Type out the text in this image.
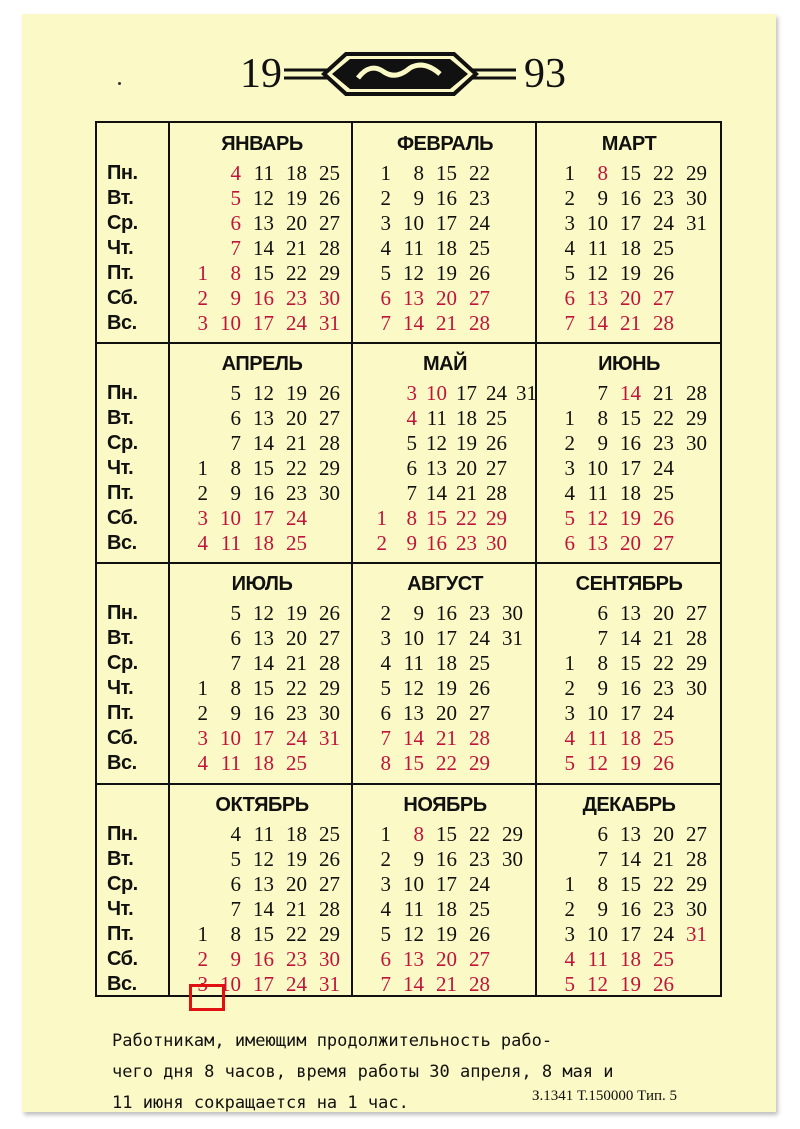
19	93
Пн.
Вт.
Ср.
Чт.
Пт.
Сб.
Вс.
Пн.
Вт.
Ср.
Чт.
Пт.
Сб.
Вс.
Пн.
Вт.
Ср.
Чт.
Пт.
Сб.
Вс.
Пн.
Вт.
Ср.
Чт.
Пт.
Сб.
Вс.
ЯНВАРЬ
1
2
3
4
5
6
7
8
9
10
11
12
13
14
15
16
17
18
19
20
21
22
23
24
25
26
27
28
29
30
31
ФЕВРАЛЬ
1
2
3
4
5
6
7
8
9
10
11
12
13
14
15
16
17
18
19
20
21
22
23
24
25
26
27
28
МАРТ
1
2
3
4
5
6
7
8
9
10
11
12
13
14
15
16
17
18
19
20
21
22
23
24
25
26
27
28
29
30
31
АПРЕЛЬ
1
2
3
4
5
6
7
8
9
10
11
12
13
14
15
16
17
18
19
20
21
22
23
24
25
26
27
28
29
30
МАЙ
1
2
3
4
5
6
7
8
9
10
11
12
13
14
15
16
17
18
19
20
21
22
23
24
25
26
27
28
29
30
31
ИЮНЬ
1
2
3
4
5
6
7
8
9
10
11
12
13
14
15
16
17
18
19
20
21
22
23
24
25
26
27
28
29
30
ИЮЛЬ
1
2
3
4
5
6
7
8
9
10
11
12
13
14
15
16
17
18
19
20
21
22
23
24
25
26
27
28
29
30
31
АВГУСТ
2
3
4
5
6
7
8
9
10
11
12
13
14
15
16
17
18
19
20
21
22
23
24
25
26
27
28
29
30
31
СЕНТЯБРЬ
1
2
3
4
5
6
7
8
9
10
11
12
13
14
15
16
17
18
19
20
21
22
23
24
25
26
27
28
29
30
ОКТЯБРЬ
1
2
3
4
5
6
7
8
9
10
11
12
13
14
15
16
17
18
19
20
21
22
23
24
25
26
27
28
29
30
31
НОЯБРЬ
1
2
3
4
5
6
7
8
9
10
11
12
13
14
15
16
17
18
19
20
21
22
23
24
25
26
27
28
29
30
ДЕКАБРЬ
1
2
3
4
5
6
7
8
9
10
11
12
13
14
15
16
17
18
19
20
21
22
23
24
25
26
27
28
29
30
31
Работникам, имеющим продолжительность рабо-
чего дня 8 часов, время работы 30 апреля, 8 мая и
11 июня сокращается на 1 час.	З.1341 Т.150000 Тип. 5
